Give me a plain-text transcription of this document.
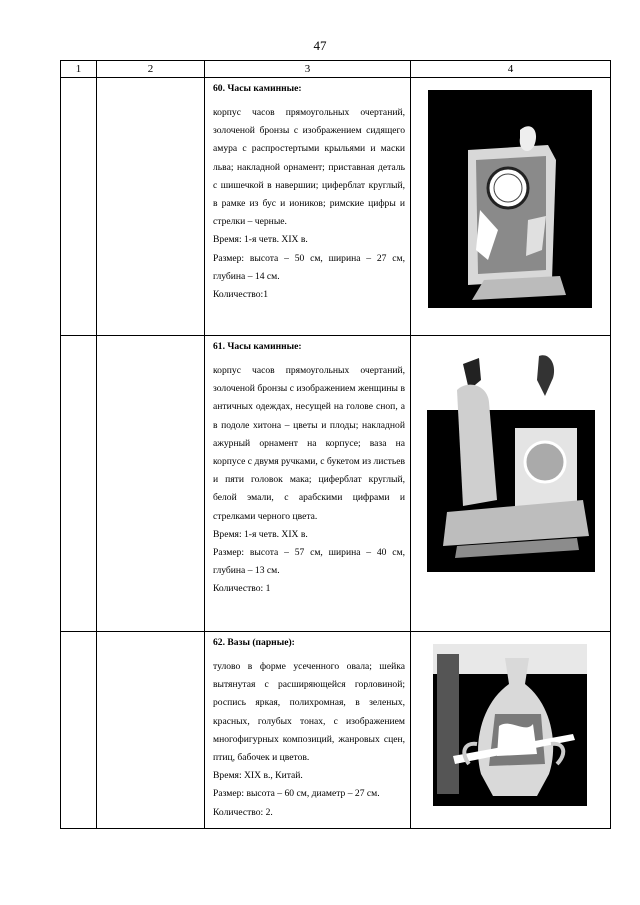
47
1	2	3	4

		60. Часы каминные:

корпус часов прямоугольных очертаний, золоченой бронзы с изображением сидящего амура с распростертыми крыльями и маски льва; накладной орнамент; приставная деталь с шишечкой в навершии; циферблат круглый, в рамке из бус и иоников; римские цифры и стрелки – черные.

Время: 1-я четв. XIX в.

Размер: высота – 50 см, ширина – 27 см, глубина – 14 см.

Количество:1

		61. Часы каминные:

корпус часов прямоугольных очертаний, золоченой бронзы с изображением женщины в античных одеждах, несущей на голове сноп, а в подоле хитона – цветы и плоды; накладной ажурный орнамент на корпусе; ваза на корпусе с двумя ручками, с букетом из листьев и пяти головок мака; циферблат круглый, белой эмали, с арабскими цифрами и стрелками черного цвета.

Время: 1-я четв. XIX в.

Размер: высота – 57 см, ширина – 40 см, глубина – 13 см.

Количество: 1

		62. Вазы (парные):

тулово в форме усеченного овала; шейка вытянутая с расширяющейся горловиной; роспись яркая, полихромная, в зеленых, красных, голубых тонах, с изображением многофигурных композиций, жанровых сцен, птиц, бабочек и цветов.

Время: XIX в., Китай.

Размер: высота – 60 см, диаметр – 27 см.

Количество: 2.
